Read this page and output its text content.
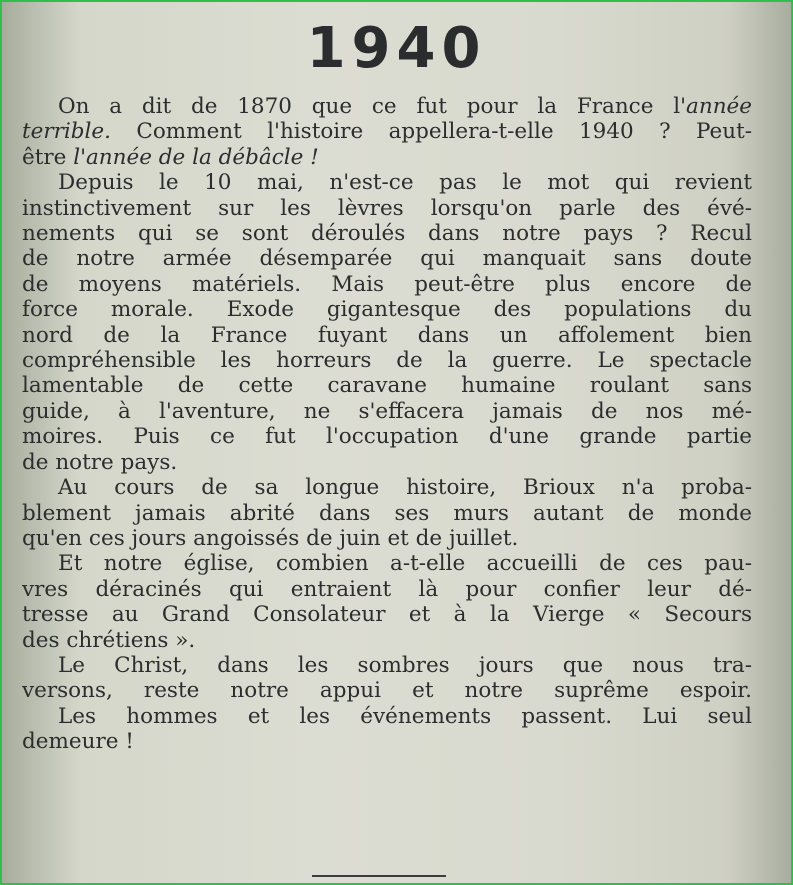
1940
On a dit de 1870 que ce fut pour la France l'année
terrible. Comment l'histoire appellera-t-elle 1940 ? Peut-
être l'année de la débâcle !
Depuis le 10 mai, n'est-ce pas le mot qui revient
instinctivement sur les lèvres lorsqu'on parle des évé-
nements qui se sont déroulés dans notre pays ? Recul
de notre armée désemparée qui manquait sans doute
de moyens matériels. Mais peut-être plus encore de
force morale. Exode gigantesque des populations du
nord de la France fuyant dans un affolement bien
compréhensible les horreurs de la guerre. Le spectacle
lamentable de cette caravane humaine roulant sans
guide, à l'aventure, ne s'effacera jamais de nos mé-
moires. Puis ce fut l'occupation d'une grande partie
de notre pays.
Au cours de sa longue histoire, Brioux n'a proba-
blement jamais abrité dans ses murs autant de monde
qu'en ces jours angoissés de juin et de juillet.
Et notre église, combien a-t-elle accueilli de ces pau-
vres déracinés qui entraient là pour confier leur dé-
tresse au Grand Consolateur et à la Vierge « Secours
des chrétiens ».
Le Christ, dans les sombres jours que nous tra-
versons, reste notre appui et notre suprême espoir.
Les hommes et les événements passent. Lui seul
demeure !
